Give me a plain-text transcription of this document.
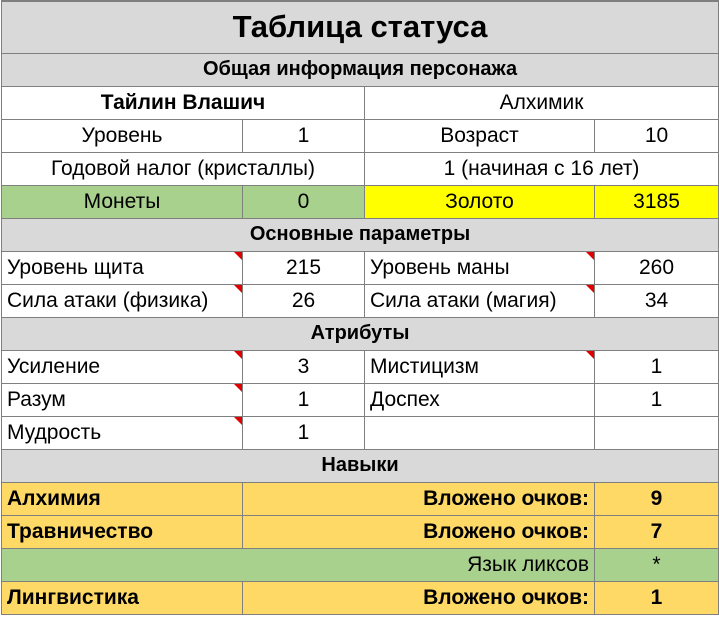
Таблица статуса			
Общая информация персонажа			
Тайлин Влашич		Алхимик	
Уровень	1	Возраст	10
Годовой налог (кристаллы)		1 (начиная с 16 лет)	
Монеты	0	Золото	3185
Основные параметры			
Уровень щита	215	Уровень маны	260
Сила атаки (физика)	26	Сила атаки (магия)	34
Атрибуты			
Усиление	3	Мистицизм	1
Разум	1	Доспех	1
Мудрость	1		
Навыки			
Алхимия	Вложено очков:		9
Травничество	Вложено очков:		7
Язык ликсов			*
Лингвистика	Вложено очков:		1
